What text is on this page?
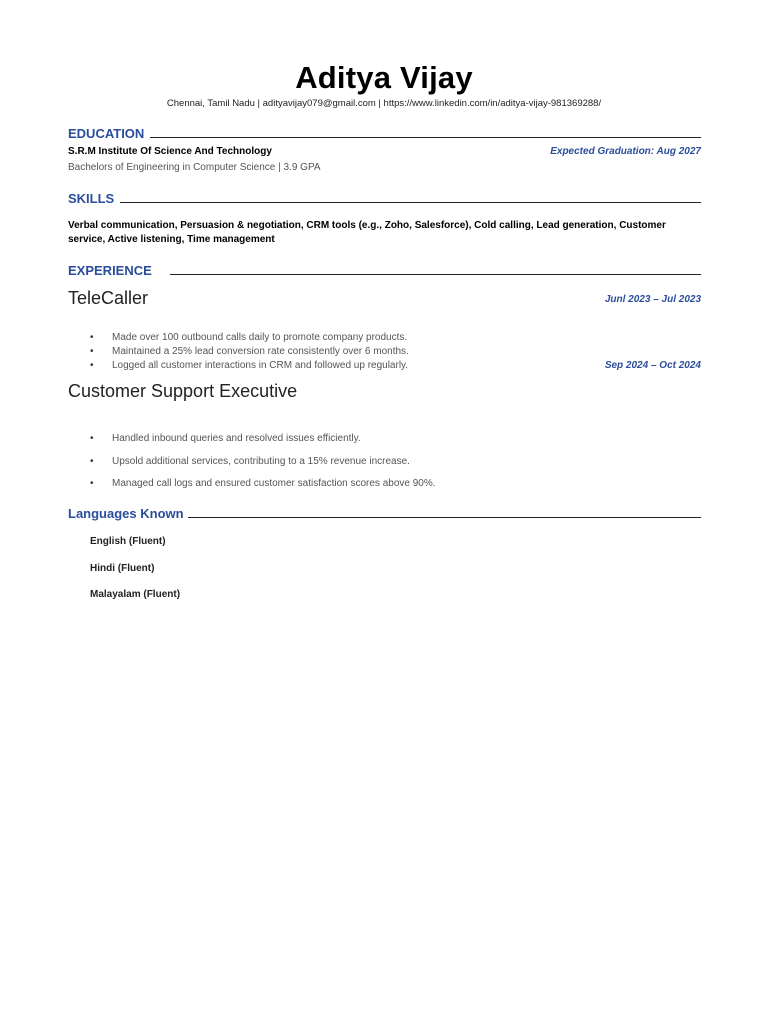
Aditya Vijay
Chennai, Tamil Nadu | adityavijay079@gmail.com | https://www.linkedin.com/in/aditya-vijay-981369288/
EDUCATION
S.R.M Institute Of Science And Technology	Expected Graduation: Aug 2027
Bachelors of Engineering in Computer Science | 3.9 GPA
SKILLS
Verbal communication, Persuasion & negotiation, CRM tools (e.g., Zoho, Salesforce), Cold calling, Lead generation, Customer service, Active listening, Time management
EXPERIENCE
TeleCaller	Junl 2023 – Jul 2023
• Made over 100 outbound calls daily to promote company products.
• Maintained a 25% lead conversion rate consistently over 6 months.
• Logged all customer interactions in CRM and followed up regularly.	Sep 2024 – Oct 2024
Customer Support Executive
• Handled inbound queries and resolved issues efficiently.
• Upsold additional services, contributing to a 15% revenue increase.
• Managed call logs and ensured customer satisfaction scores above 90%.
Languages Known
English (Fluent)
Hindi (Fluent)
Malayalam (Fluent)
